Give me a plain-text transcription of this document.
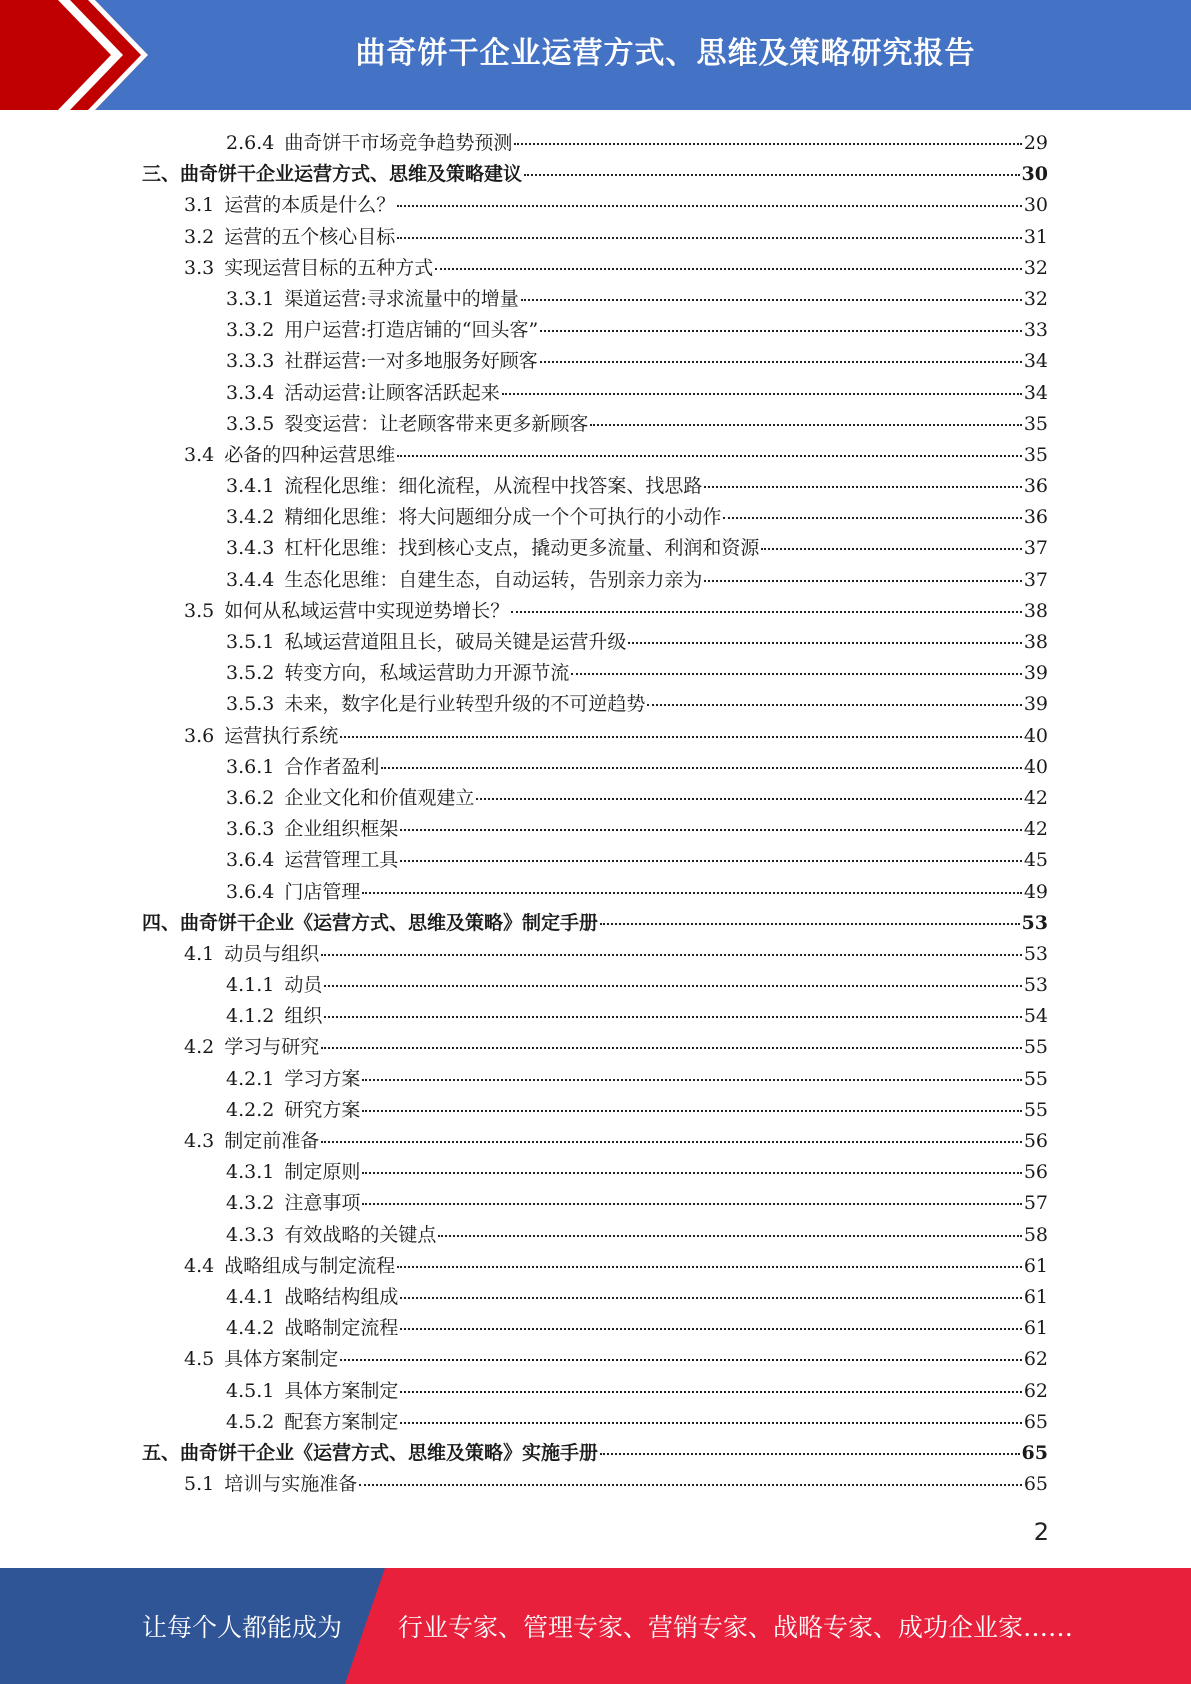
曲奇饼干企业运营方式、思维及策略研究报告
2.6.4 曲奇饼干市场竞争趋势预测	29
三、曲奇饼干企业运营方式、思维及策略建议	30
3.1 运营的本质是什么？	30
3.2 运营的五个核心目标	31
3.3 实现运营目标的五种方式	32
3.3.1 渠道运营:寻求流量中的增量	32
3.3.2 用户运营:打造店铺的“回头客”	33
3.3.3 社群运营:一对多地服务好顾客	34
3.3.4 活动运营:让顾客活跃起来	34
3.3.5 裂变运营：让老顾客带来更多新顾客	35
3.4 必备的四种运营思维	35
3.4.1 流程化思维：细化流程，从流程中找答案、找思路	36
3.4.2 精细化思维：将大问题细分成一个个可执行的小动作	36
3.4.3 杠杆化思维：找到核心支点，撬动更多流量、利润和资源	37
3.4.4 生态化思维：自建生态，自动运转，告别亲力亲为	37
3.5 如何从私域运营中实现逆势增长？	38
3.5.1 私域运营道阻且长，破局关键是运营升级	38
3.5.2 转变方向，私域运营助力开源节流	39
3.5.3 未来，数字化是行业转型升级的不可逆趋势	39
3.6 运营执行系统	40
3.6.1 合作者盈利	40
3.6.2 企业文化和价值观建立	42
3.6.3 企业组织框架	42
3.6.4 运营管理工具	45
3.6.4 门店管理	49
四、曲奇饼干企业《运营方式、思维及策略》制定手册	53
4.1 动员与组织	53
4.1.1 动员	53
4.1.2 组织	54
4.2 学习与研究	55
4.2.1 学习方案	55
4.2.2 研究方案	55
4.3 制定前准备	56
4.3.1 制定原则	56
4.3.2 注意事项	57
4.3.3 有效战略的关键点	58
4.4 战略组成与制定流程	61
4.4.1 战略结构组成	61
4.4.2 战略制定流程	61
4.5 具体方案制定	62
4.5.1 具体方案制定	62
4.5.2 配套方案制定	65
五、曲奇饼干企业《运营方式、思维及策略》实施手册	65
5.1 培训与实施准备	65
2
让每个人都能成为 行业专家、管理专家、营销专家、战略专家、成功企业家……
